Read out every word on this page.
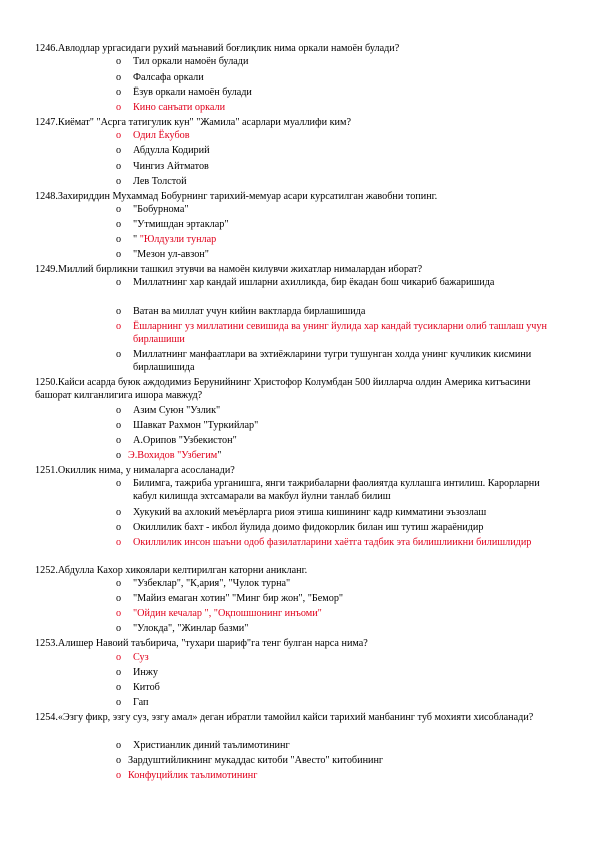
1246.Авлодлар ургасидаги рухий маънавий боғлиқлик нима оркали намоён булади?
o	Тил оркали намоён булади
o	Фалсафа оркали
o	Ёзув оркали намоён булади
o	Кино санъати оркали
1247.Киёмат" "Асрга татигулик кун" "Жамила" асарлари муаллифи ким?
o	Одил Ёкубов
o	Абдулла Кодирий
o	Чингиз Айтматов
o	Лев Толстой
1248.Захириддин Мухаммад Бобурнинг тарихий-мемуар асари курсатилган жавобни топинг.
o	"Бобурнома"
o	"Утмишдан эртаклар"
o	" "Юлдузли тунлар
o	"Мезон ул-авзон"
1249.Миллий бирликни ташкил этувчи ва намоён килувчи жихатлар нималардан иборат?
o	Миллатнинг хар кандай ишларни ахилликда, бир ёкадан бош чикариб бажаришида
o	Ватан ва миллат учун кийин вактларда бирлашишида
o	Ёшларнинг уз миллатини севишида ва унинг йулида хар кандай тусикларни олиб ташлаш учун бирлашиши
o	Миллатнинг манфаатлари ва эхтиёжларини тугри тушунган холда унинг кучликик кисмини бирлашишида
1250.Кайси асарда буюк аждодимиз Берунийнинг Христофор Колумбдан 500 йилларча олдин Америка китъасини башорат килганлигига ишора мавжуд?
o	Азим Суюн "Узлик"
o	Шавкат Рахмон "Туркийлар"
o	А.Орипов "Узбекистон"
o Э.Вохидов "Узбегим"
1251.Окиллик нима, у нималарга асосланади?
o	Билимга, тажриба урганишга, янги тажрибаларни фаолиятда куллашга интилиш. Карорларни кабул килишда эхтсамарали ва макбул йулни танлаб билиш
o	Хукукий ва ахлокий меъёрларга риоя этиша кишининг кадр кимматини эъзозлаш
o	Окиллилик бахт - икбол йулида доимо фидокорлик билан иш тутиш жараёнидир
o	Окиллилик инсон шаъни одоб фазилатларини хаётга тадбик эта билишлиикни билишлидир
1252.Абдулла Кахор хикоялари келтирилган каторни аникланг.
o	"Узбеклар", "К,ария", "Чулок турна"
o	"Майиз емаган хотин" "Минг бир жон", "Бемор"
o	"Ойдин кечалар ", "Оқпошшонинг инъоми"
o	"Улокда", "Жинлар базми"
1253.Алишер Навоий таъбирича, "тухари шариф"га тенг булган нарса нима?
o	Суз
o	Инжу
o	Китоб
o	Гап
1254.«Эзгу фикр, эзгу суз, эзгу амал» деган ибратли тамойил кайси тарихий манбанинг туб мохияти хисобланади?
o	Христианлик диний таълимотининг
o Зардуштийликнинг мукаддас китоби "Авесто" китобининг
o Конфуцийлик таълимотининг
